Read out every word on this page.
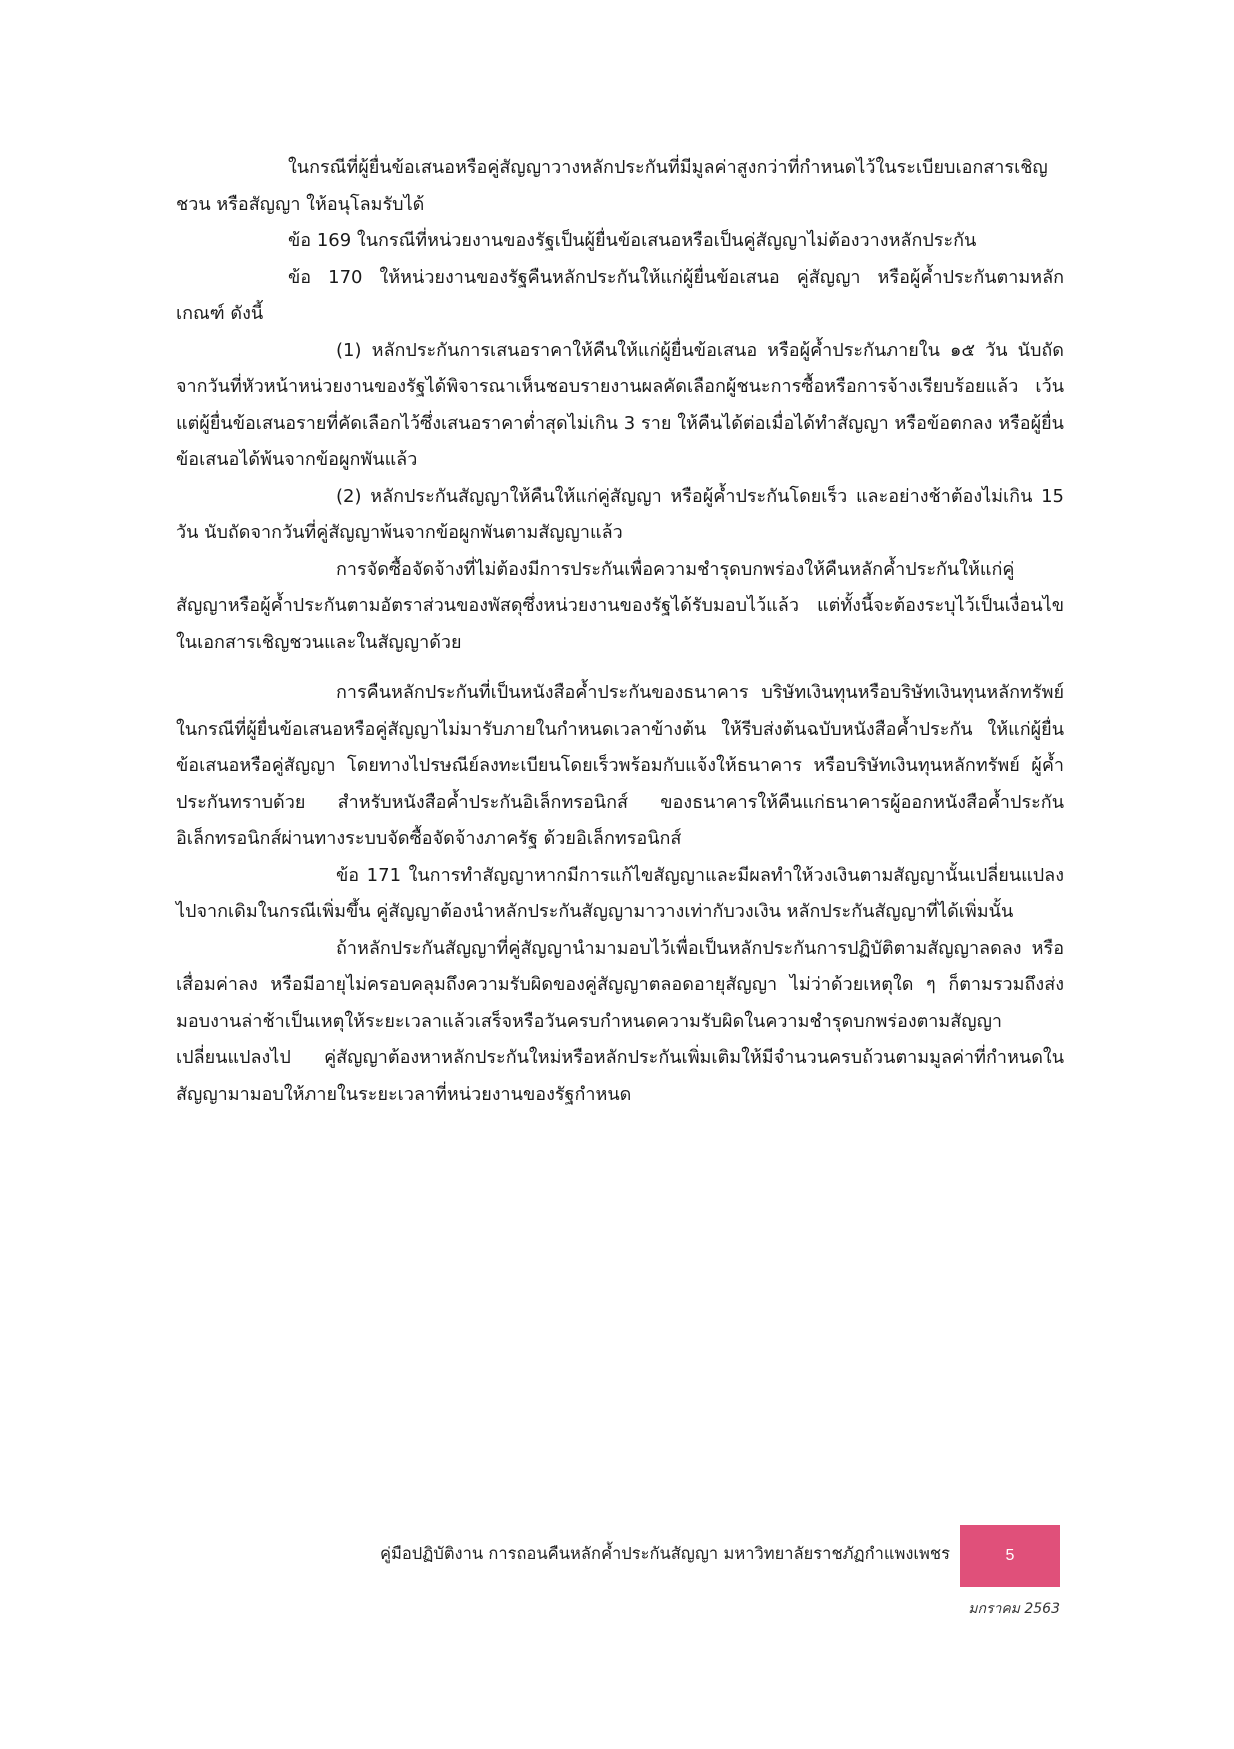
ในกรณีที่ผู้ยื่นข้อเสนอหรือคู่สัญญาวางหลักประกันที่มีมูลค่าสูงกว่าที่กำหนดไว้ในระเบียบเอกสารเชิญชวน หรือสัญญา ให้อนุโลมรับได้

ข้อ 169 ในกรณีที่หน่วยงานของรัฐเป็นผู้ยื่นข้อเสนอหรือเป็นคู่สัญญาไม่ต้องวางหลักประกัน

ข้อ 170 ให้หน่วยงานของรัฐคืนหลักประกันให้แก่ผู้ยื่นข้อเสนอ คู่สัญญา หรือผู้ค้ำประกันตามหลักเกณฑ์ ดังนี้

(1) หลักประกันการเสนอราคาให้คืนให้แก่ผู้ยื่นข้อเสนอ หรือผู้ค้ำประกันภายใน ๑๕ วัน นับถัดจากวันที่หัวหน้าหน่วยงานของรัฐได้พิจารณาเห็นชอบรายงานผลคัดเลือกผู้ชนะการซื้อหรือการจ้างเรียบร้อยแล้ว เว้นแต่ผู้ยื่นข้อเสนอรายที่คัดเลือกไว้ซึ่งเสนอราคาต่ำสุดไม่เกิน 3 ราย ให้คืนได้ต่อเมื่อได้ทำสัญญา หรือข้อตกลง หรือผู้ยื่นข้อเสนอได้พ้นจากข้อผูกพันแล้ว

(2) หลักประกันสัญญาให้คืนให้แก่คู่สัญญา หรือผู้ค้ำประกันโดยเร็ว และอย่างช้าต้องไม่เกิน 15 วัน นับถัดจากวันที่คู่สัญญาพ้นจากข้อผูกพันตามสัญญาแล้ว

การจัดซื้อจัดจ้างที่ไม่ต้องมีการประกันเพื่อความชำรุดบกพร่องให้คืนหลักค้ำประกันให้แก่คู่สัญญาหรือผู้ค้ำประกันตามอัตราส่วนของพัสดุซึ่งหน่วยงานของรัฐได้รับมอบไว้แล้ว แต่ทั้งนี้จะต้องระบุไว้เป็นเงื่อนไขในเอกสารเชิญชวนและในสัญญาด้วย

การคืนหลักประกันที่เป็นหนังสือค้ำประกันของธนาคาร บริษัทเงินทุนหรือบริษัทเงินทุนหลักทรัพย์ ในกรณีที่ผู้ยื่นข้อเสนอหรือคู่สัญญาไม่มารับภายในกำหนดเวลาข้างต้น ให้รีบส่งต้นฉบับหนังสือค้ำประกัน ให้แก่ผู้ยื่นข้อเสนอหรือคู่สัญญา โดยทางไปรษณีย์ลงทะเบียนโดยเร็วพร้อมกับแจ้งให้ธนาคาร หรือบริษัทเงินทุนหลักทรัพย์ ผู้ค้ำประกันทราบด้วย สำหรับหนังสือค้ำประกันอิเล็กทรอนิกส์ ของธนาคารให้คืนแก่ธนาคารผู้ออกหนังสือค้ำประกันอิเล็กทรอนิกส์ผ่านทางระบบจัดซื้อจัดจ้างภาครัฐ ด้วยอิเล็กทรอนิกส์

ข้อ 171 ในการทำสัญญาหากมีการแก้ไขสัญญาและมีผลทำให้วงเงินตามสัญญานั้นเปลี่ยนแปลงไปจากเดิมในกรณีเพิ่มขึ้น คู่สัญญาต้องนำหลักประกันสัญญามาวางเท่ากับวงเงิน หลักประกันสัญญาที่ได้เพิ่มนั้น

ถ้าหลักประกันสัญญาที่คู่สัญญานำมามอบไว้เพื่อเป็นหลักประกันการปฏิบัติตามสัญญาลดลง หรือเสื่อมค่าลง หรือมีอายุไม่ครอบคลุมถึงความรับผิดของคู่สัญญาตลอดอายุสัญญา ไม่ว่าด้วยเหตุใด ๆ ก็ตามรวมถึงส่งมอบงานล่าช้าเป็นเหตุให้ระยะเวลาแล้วเสร็จหรือวันครบกำหนดความรับผิดในความชำรุดบกพร่องตามสัญญาเปลี่ยนแปลงไป คู่สัญญาต้องหาหลักประกันใหม่หรือหลักประกันเพิ่มเติมให้มีจำนวนครบถ้วนตามมูลค่าที่กำหนดในสัญญามามอบให้ภายในระยะเวลาที่หน่วยงานของรัฐกำหนด

คู่มือปฏิบัติงาน การถอนคืนหลักค้ำประกันสัญญา มหาวิทยาลัยราชภัฏกำแพงเพชร	5
มกราคม 2563
